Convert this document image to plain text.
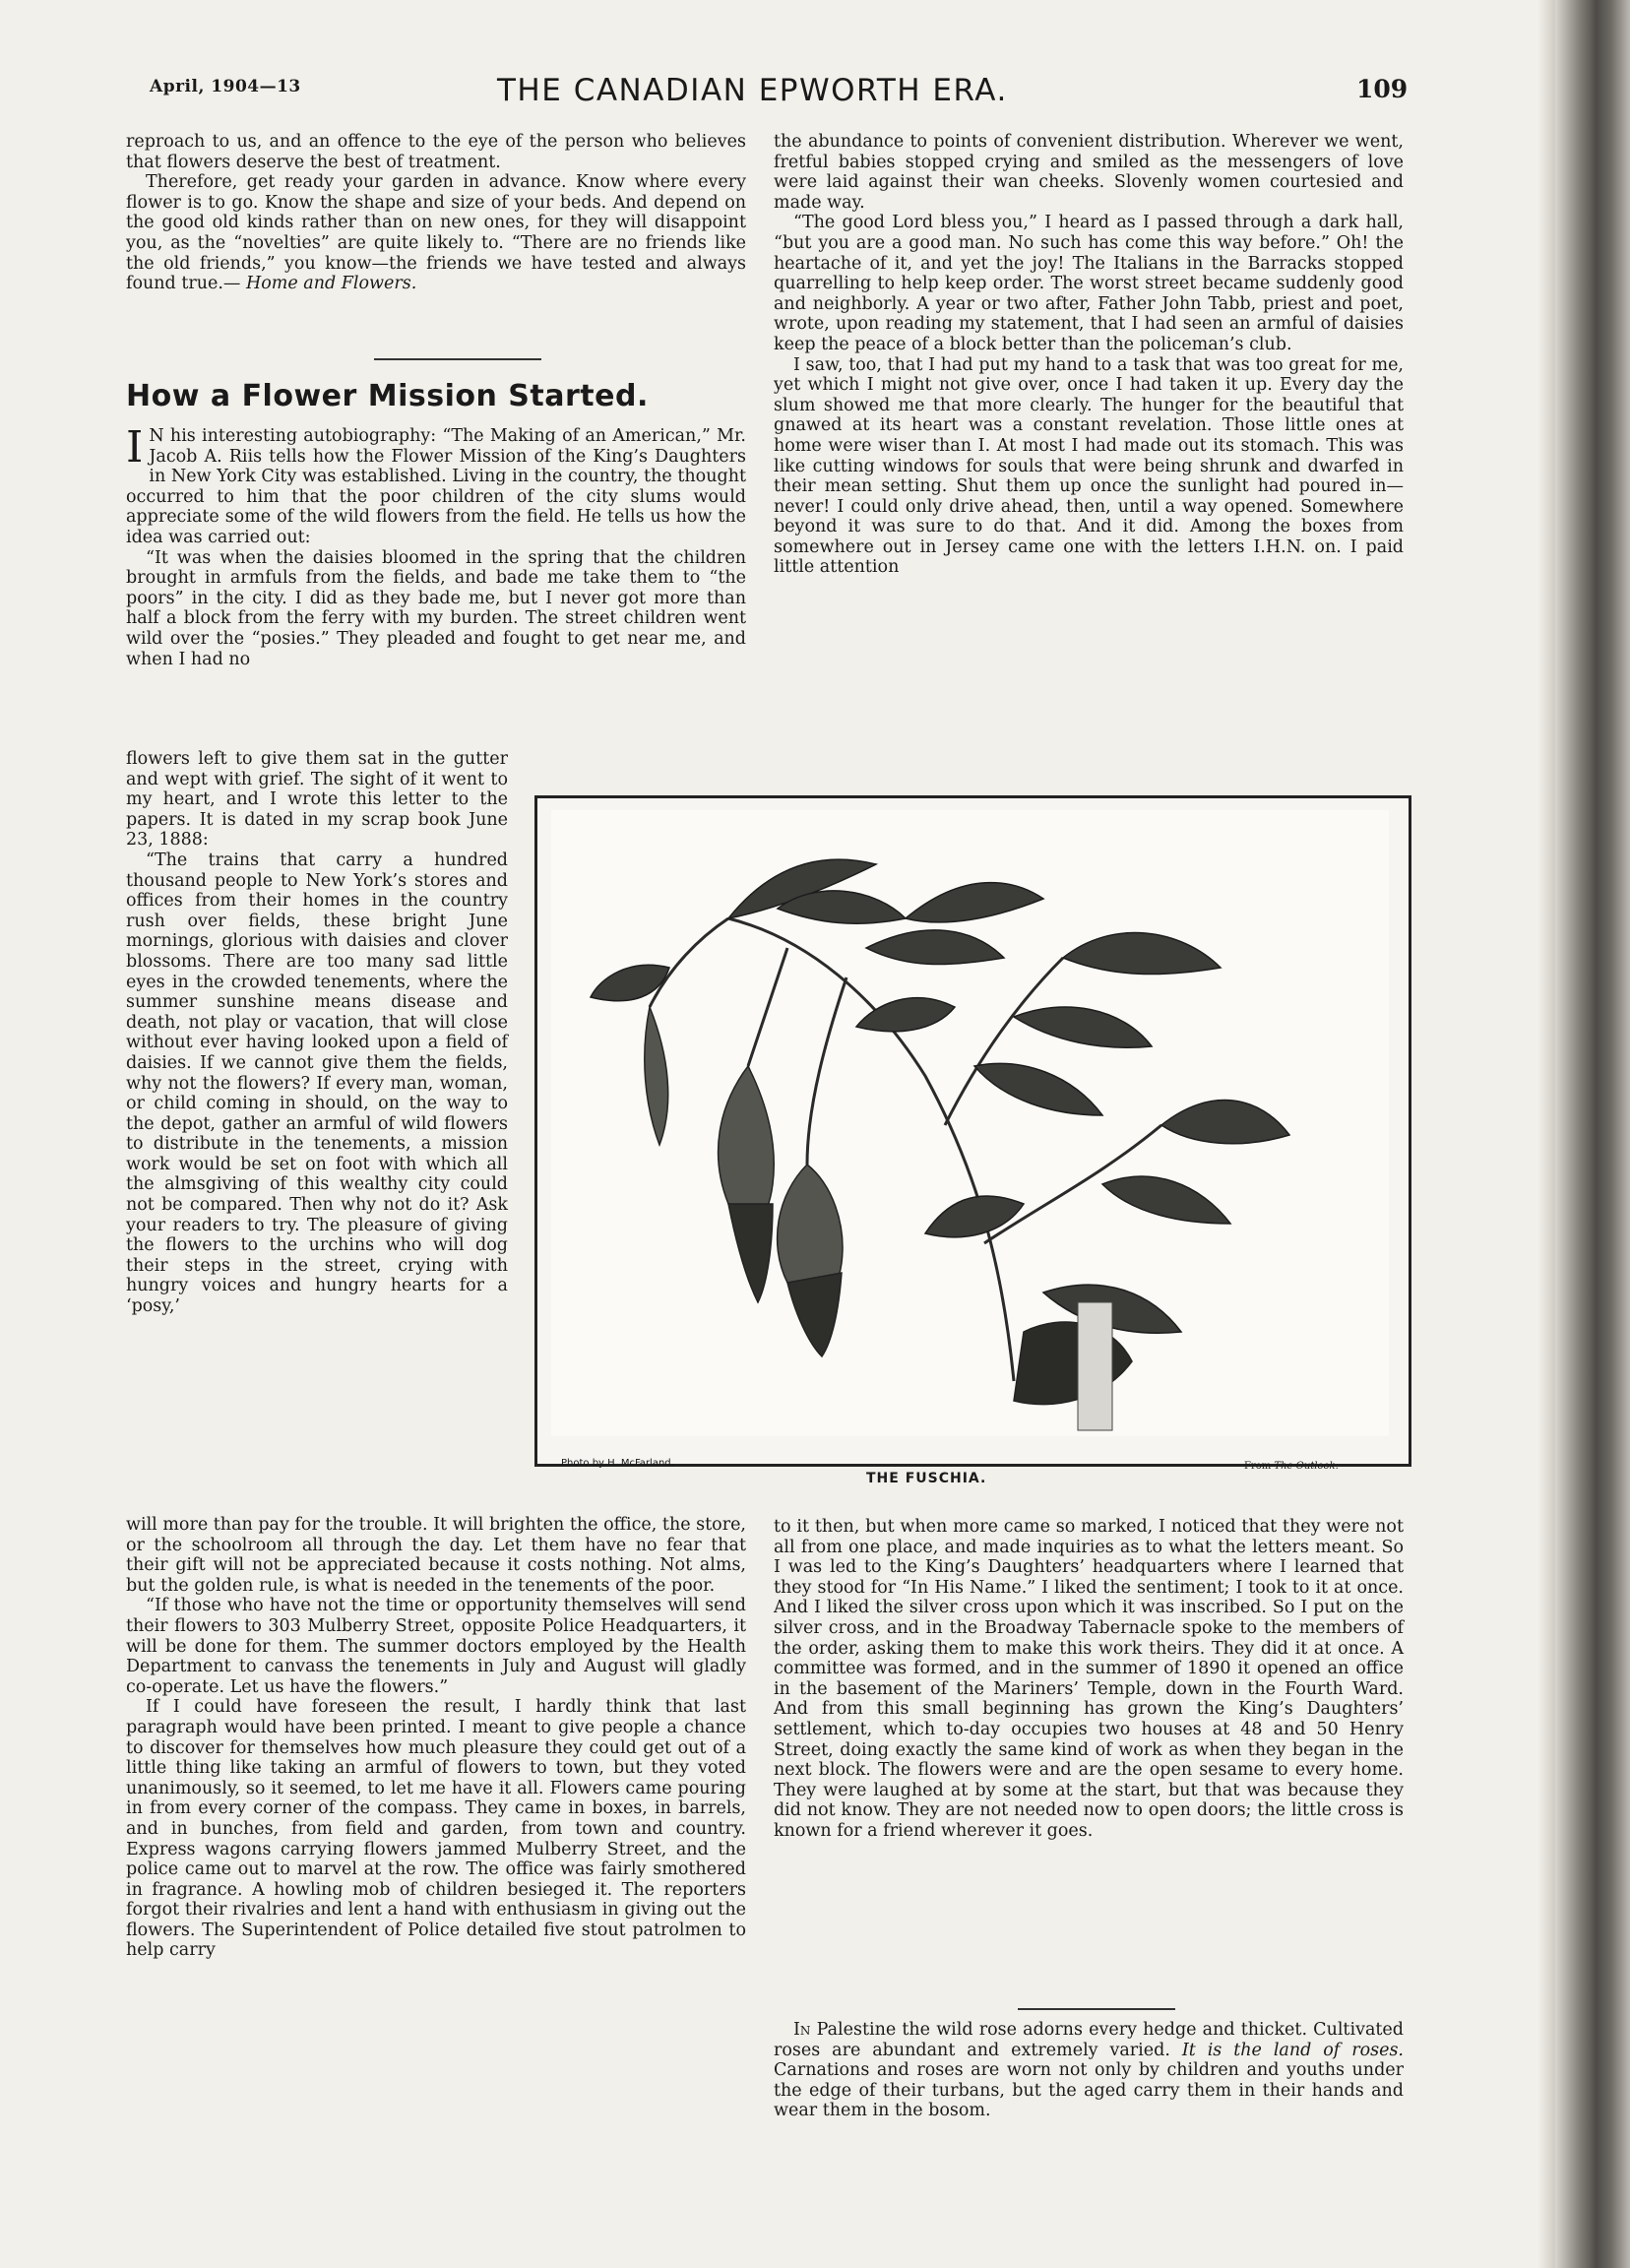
April, 1904—13	THE CANADIAN EPWORTH ERA.	109

reproach to us, and an offence to the eye of the person who believes that flowers deserve the best of treatment.

Therefore, get ready your garden in advance. Know where every flower is to go. Know the shape and size of your beds. And depend on the good old kinds rather than on new ones, for they will disappoint you, as the “novelties” are quite likely to. “There are no friends like the old friends,” you know—the friends we have tested and always found true.— Home and Flowers.

How a Flower Mission Started.

I N his interesting autobiography: “The Making of an American,” Mr. Jacob A. Riis tells how the Flower Mission of the King’s Daughters in New York City was established. Living in the country, the thought occurred to him that the poor children of the city slums would appreciate some of the wild flowers from the field. He tells us how the idea was carried out:

“It was when the daisies bloomed in the spring that the children brought in armfuls from the fields, and bade me take them to “the poors” in the city. I did as they bade me, but I never got more than half a block from the ferry with my burden. The street children went wild over the “posies.” They pleaded and fought to get near me, and when I had no

flowers left to give them sat in the gutter and wept with grief. The sight of it went to my heart, and I wrote this letter to the papers. It is dated in my scrap book June 23, 1888:

“The trains that carry a hundred thousand people to New York’s stores and offices from their homes in the country rush over fields, these bright June mornings, glorious with daisies and clover blossoms. There are too many sad little eyes in the crowded tenements, where the summer sunshine means disease and death, not play or vacation, that will close without ever having looked upon a field of daisies. If we cannot give them the fields, why not the flowers? If every man, woman, or child coming in should, on the way to the depot, gather an armful of wild flowers to distribute in the tenements, a mission work would be set on foot with which all the almsgiving of this wealthy city could not be compared. Then why not do it? Ask your readers to try. The pleasure of giving the flowers to the urchins who will dog their steps in the street, crying with hungry voices and hungry hearts for a ‘posy,’

will more than pay for the trouble. It will brighten the office, the store, or the schoolroom all through the day. Let them have no fear that their gift will not be appreciated because it costs nothing. Not alms, but the golden rule, is what is needed in the tenements of the poor.

“If those who have not the time or opportunity themselves will send their flowers to 303 Mulberry Street, opposite Police Headquarters, it will be done for them. The summer doctors employed by the Health Department to canvass the tenements in July and August will gladly co-operate. Let us have the flowers.”

If I could have foreseen the result, I hardly think that last paragraph would have been printed. I meant to give people a chance to discover for themselves how much pleasure they could get out of a little thing like taking an armful of flowers to town, but they voted unanimously, so it seemed, to let me have it all. Flowers came pouring in from every corner of the compass. They came in boxes, in barrels, and in bunches, from field and garden, from town and country. Express wagons carrying flowers jammed Mulberry Street, and the police came out to marvel at the row. The office was fairly smothered in fragrance. A howling mob of children besieged it. The reporters forgot their rivalries and lent a hand with enthusiasm in giving out the flowers. The Superintendent of Police detailed five stout patrolmen to help carry

the abundance to points of convenient distribution. Wherever we went, fretful babies stopped crying and smiled as the messengers of love were laid against their wan cheeks. Slovenly women courtesied and made way.

“The good Lord bless you,” I heard as I passed through a dark hall, “but you are a good man. No such has come this way before.” Oh! the heartache of it, and yet the joy! The Italians in the Barracks stopped quarrelling to help keep order. The worst street became suddenly good and neighborly. A year or two after, Father John Tabb, priest and poet, wrote, upon reading my statement, that I had seen an armful of daisies keep the peace of a block better than the policeman’s club.

I saw, too, that I had put my hand to a task that was too great for me, yet which I might not give over, once I had taken it up. Every day the slum showed me that more clearly. The hunger for the beautiful that gnawed at its heart was a constant revelation. Those little ones at home were wiser than I. At most I had made out its stomach. This was like cutting windows for souls that were being shrunk and dwarfed in their mean setting. Shut them up once the sunlight had poured in—never! I could only drive ahead, then, until a way opened. Somewhere beyond it was sure to do that. And it did. Among the boxes from somewhere out in Jersey came one with the letters I.H.N. on. I paid little attention

Photo by H. McFarland.
THE FUSCHIA.
From The Outlook.

to it then, but when more came so marked, I noticed that they were not all from one place, and made inquiries as to what the letters meant. So I was led to the King’s Daughters’ headquarters where I learned that they stood for “In His Name.” I liked the sentiment; I took to it at once. And I liked the silver cross upon which it was inscribed. So I put on the silver cross, and in the Broadway Tabernacle spoke to the members of the order, asking them to make this work theirs. They did it at once. A committee was formed, and in the summer of 1890 it opened an office in the basement of the Mariners’ Temple, down in the Fourth Ward. And from this small beginning has grown the King’s Daughters’ settlement, which to-day occupies two houses at 48 and 50 Henry Street, doing exactly the same kind of work as when they began in the next block. The flowers were and are the open sesame to every home. They were laughed at by some at the start, but that was because they did not know. They are not needed now to open doors; the little cross is known for a friend wherever it goes.

In Palestine the wild rose adorns every hedge and thicket. Cultivated roses are abundant and extremely varied. It is the land of roses. Carnations and roses are worn not only by children and youths under the edge of their turbans, but the aged carry them in their hands and wear them in the bosom.
